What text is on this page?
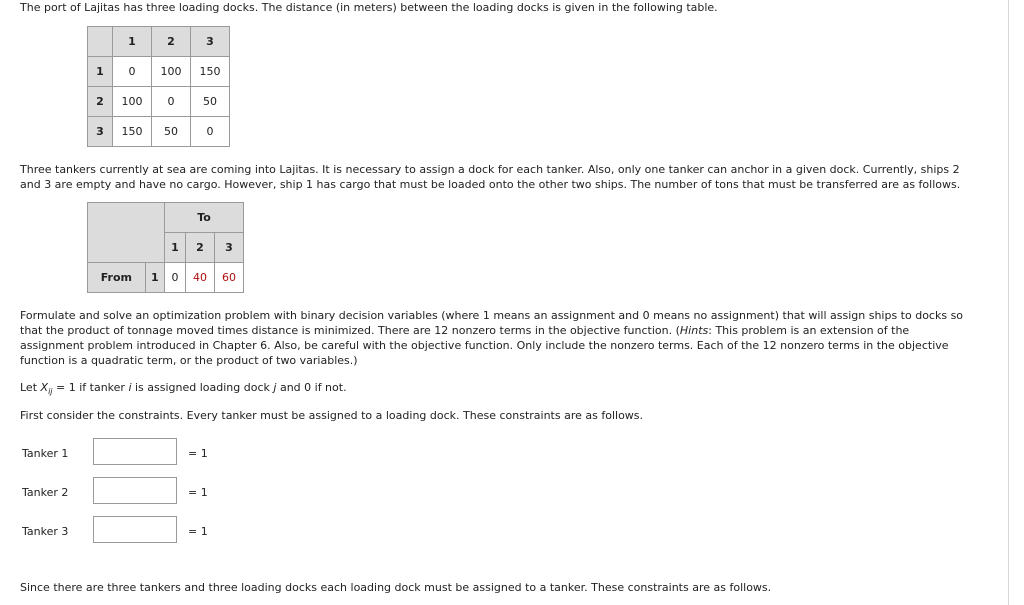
The port of Lajitas has three loading docks. The distance (in meters) between the loading docks is given in the following table.
	1	2	3
1	0	100	150
2	100	0	50
3	150	50	0
Three tankers currently at sea are coming into Lajitas. It is necessary to assign a dock for each tanker. Also, only one tanker can anchor in a given dock. Currently, ships 2
and 3 are empty and have no cargo. However, ship 1 has cargo that must be loaded onto the other two ships. The number of tons that must be transferred are as follows.
		To		
		1	2	3
From	1	0	40	60
Formulate and solve an optimization problem with binary decision variables (where 1 means an assignment and 0 means no assignment) that will assign ships to docks so
that the product of tonnage moved times distance is minimized. There are 12 nonzero terms in the objective function. (Hints: This problem is an extension of the
assignment problem introduced in Chapter 6. Also, be careful with the objective function. Only include the nonzero terms. Each of the 12 nonzero terms in the objective
function is a quadratic term, or the product of two variables.)
Let $X_{ij} = 1$ if tanker i is assigned loading dock j and 0 if not.
First consider the constraints. Every tanker must be assigned to a loading dock. These constraints are as follows.
Tanker 1	= 1
Tanker 2	= 1
Tanker 3	= 1
Since there are three tankers and three loading docks each loading dock must be assigned to a tanker. These constraints are as follows.
